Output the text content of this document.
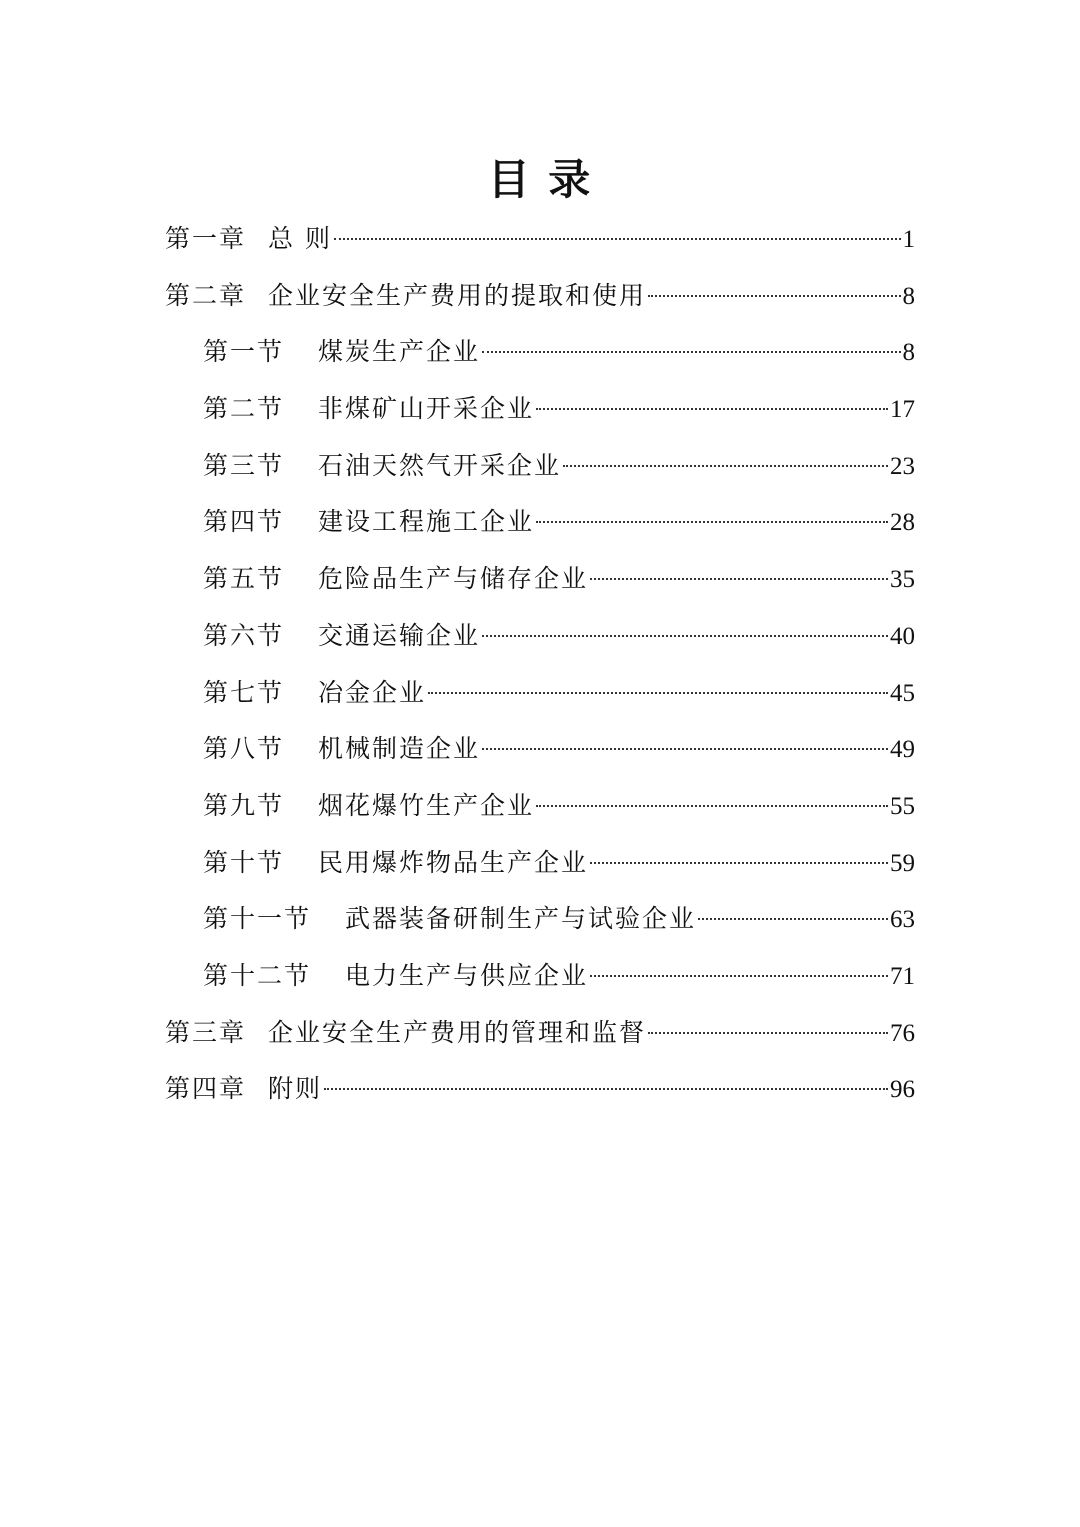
目 录
第一章 总 则	1
第二章 企业安全生产费用的提取和使用	8
第一节 煤炭生产企业	8
第二节 非煤矿山开采企业	17
第三节 石油天然气开采企业	23
第四节 建设工程施工企业	28
第五节 危险品生产与储存企业	35
第六节 交通运输企业	40
第七节 冶金企业	45
第八节 机械制造企业	49
第九节 烟花爆竹生产企业	55
第十节 民用爆炸物品生产企业	59
第十一节 武器装备研制生产与试验企业	63
第十二节 电力生产与供应企业	71
第三章 企业安全生产费用的管理和监督	76
第四章 附则	96
